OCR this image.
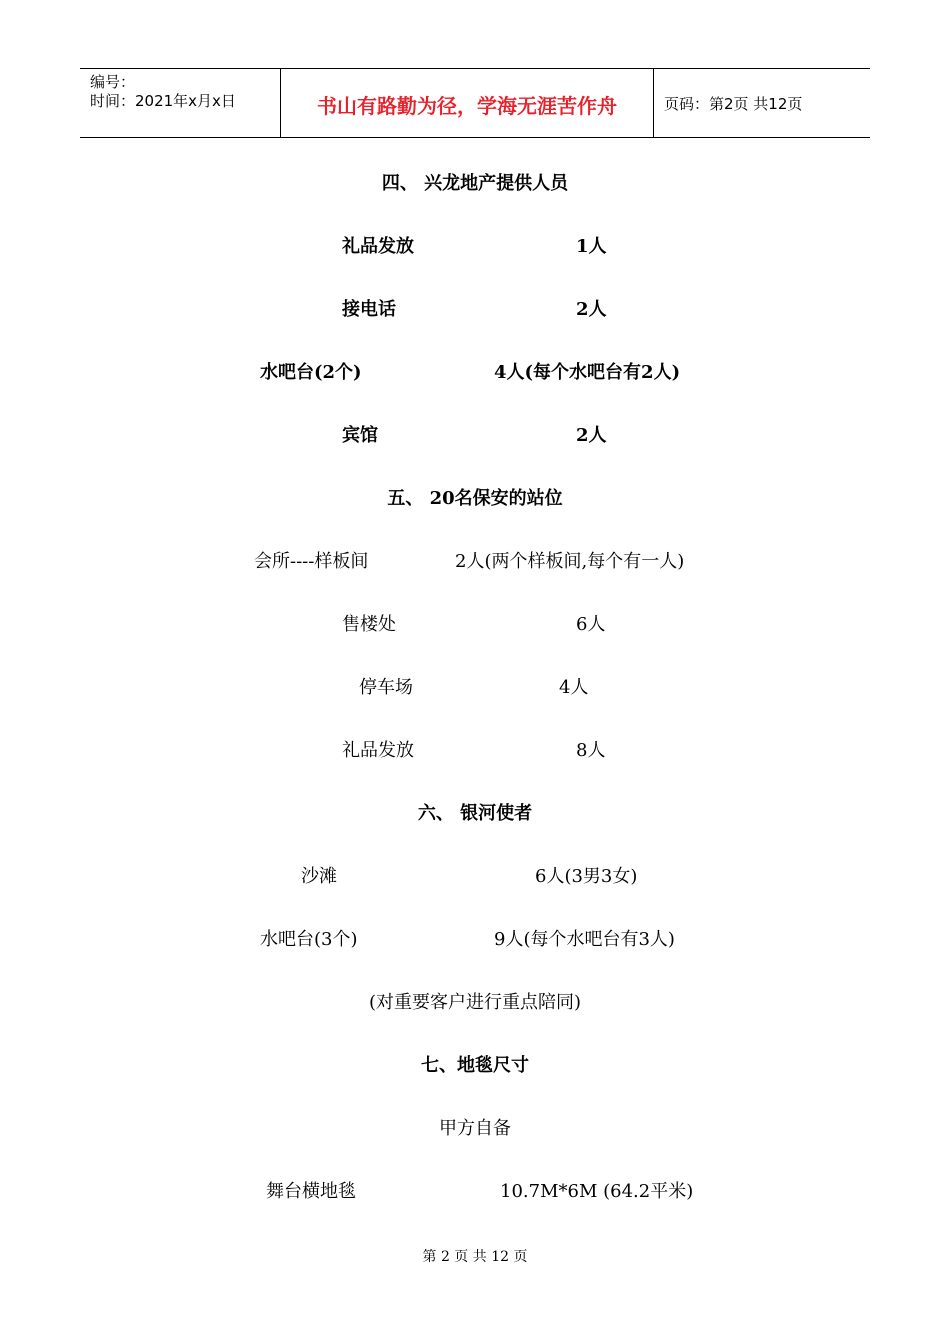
编号：
时间：2021年x月x日	书山有路勤为径，学海无涯苦作舟	页码：第2页 共12页
四、 兴龙地产提供人员
礼品发放	1人
接电话	2人
水吧台(2个)	4人(每个水吧台有2人)
宾馆	2人
五、 20名保安的站位
会所----样板间	2人(两个样板间,每个有一人)
售楼处	6人
停车场	4人
礼品发放	8人
六、 银河使者
沙滩	6人(3男3女)
水吧台(3个)	9人(每个水吧台有3人)
(对重要客户进行重点陪同)
七、地毯尺寸
甲方自备
舞台横地毯	10.7M*6M (64.2平米)
第 2 页 共 12 页
